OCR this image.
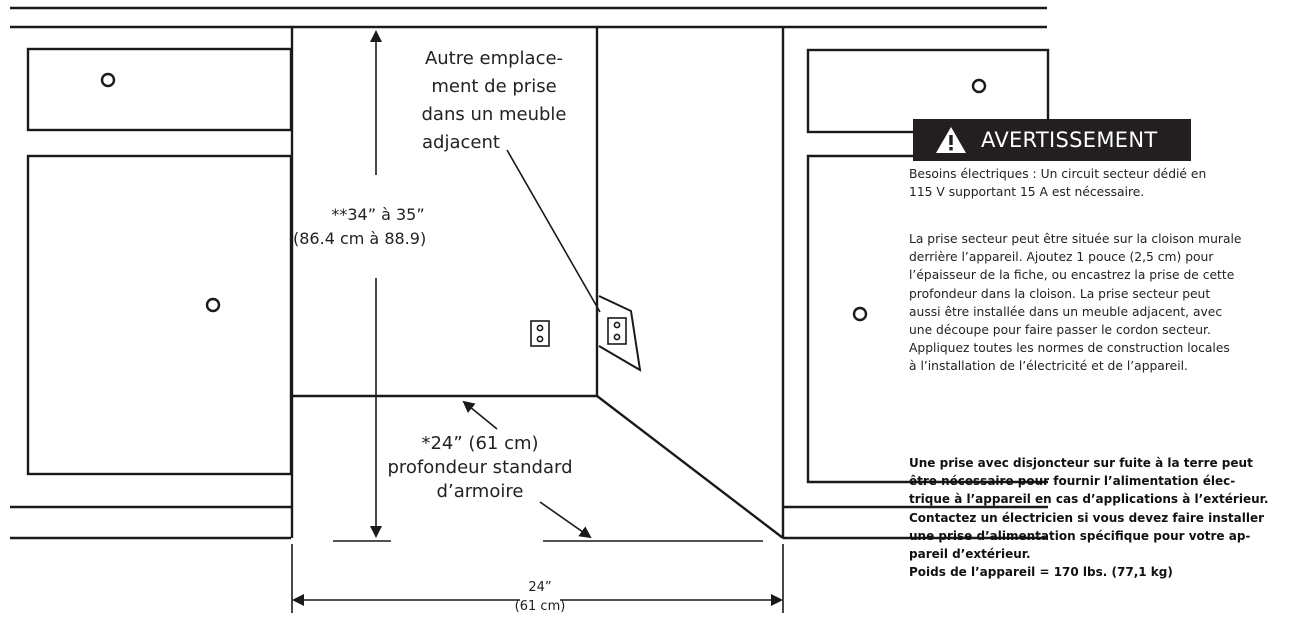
Autre emplace-
ment de prise
dans un meuble
adjacent
**34” à 35”
(86.4 cm à 88.9)
*24” (61 cm)
profondeur standard
d’armoire
24”
(61 cm)
AVERTISSEMENT
Besoins électriques : Un circuit secteur dédié en
115 V supportant 15 A est nécessaire.
La prise secteur peut être située sur la cloison murale
derrière l’appareil. Ajoutez 1 pouce (2,5 cm) pour
l’épaisseur de la fiche, ou encastrez la prise de cette
profondeur dans la cloison. La prise secteur peut
aussi être installée dans un meuble adjacent, avec
une découpe pour faire passer le cordon secteur.
Appliquez toutes les normes de construction locales
à l’installation de l’électricité et de l’appareil.
Une prise avec disjoncteur sur fuite à la terre peut
être nécessaire pour fournir l’alimentation élec-
trique à l’appareil en cas d’applications à l’extérieur.
Contactez un électricien si vous devez faire installer
une prise d’alimentation spécifique pour votre ap-
pareil d’extérieur.
Poids de l’appareil = 170 lbs. (77,1 kg)
